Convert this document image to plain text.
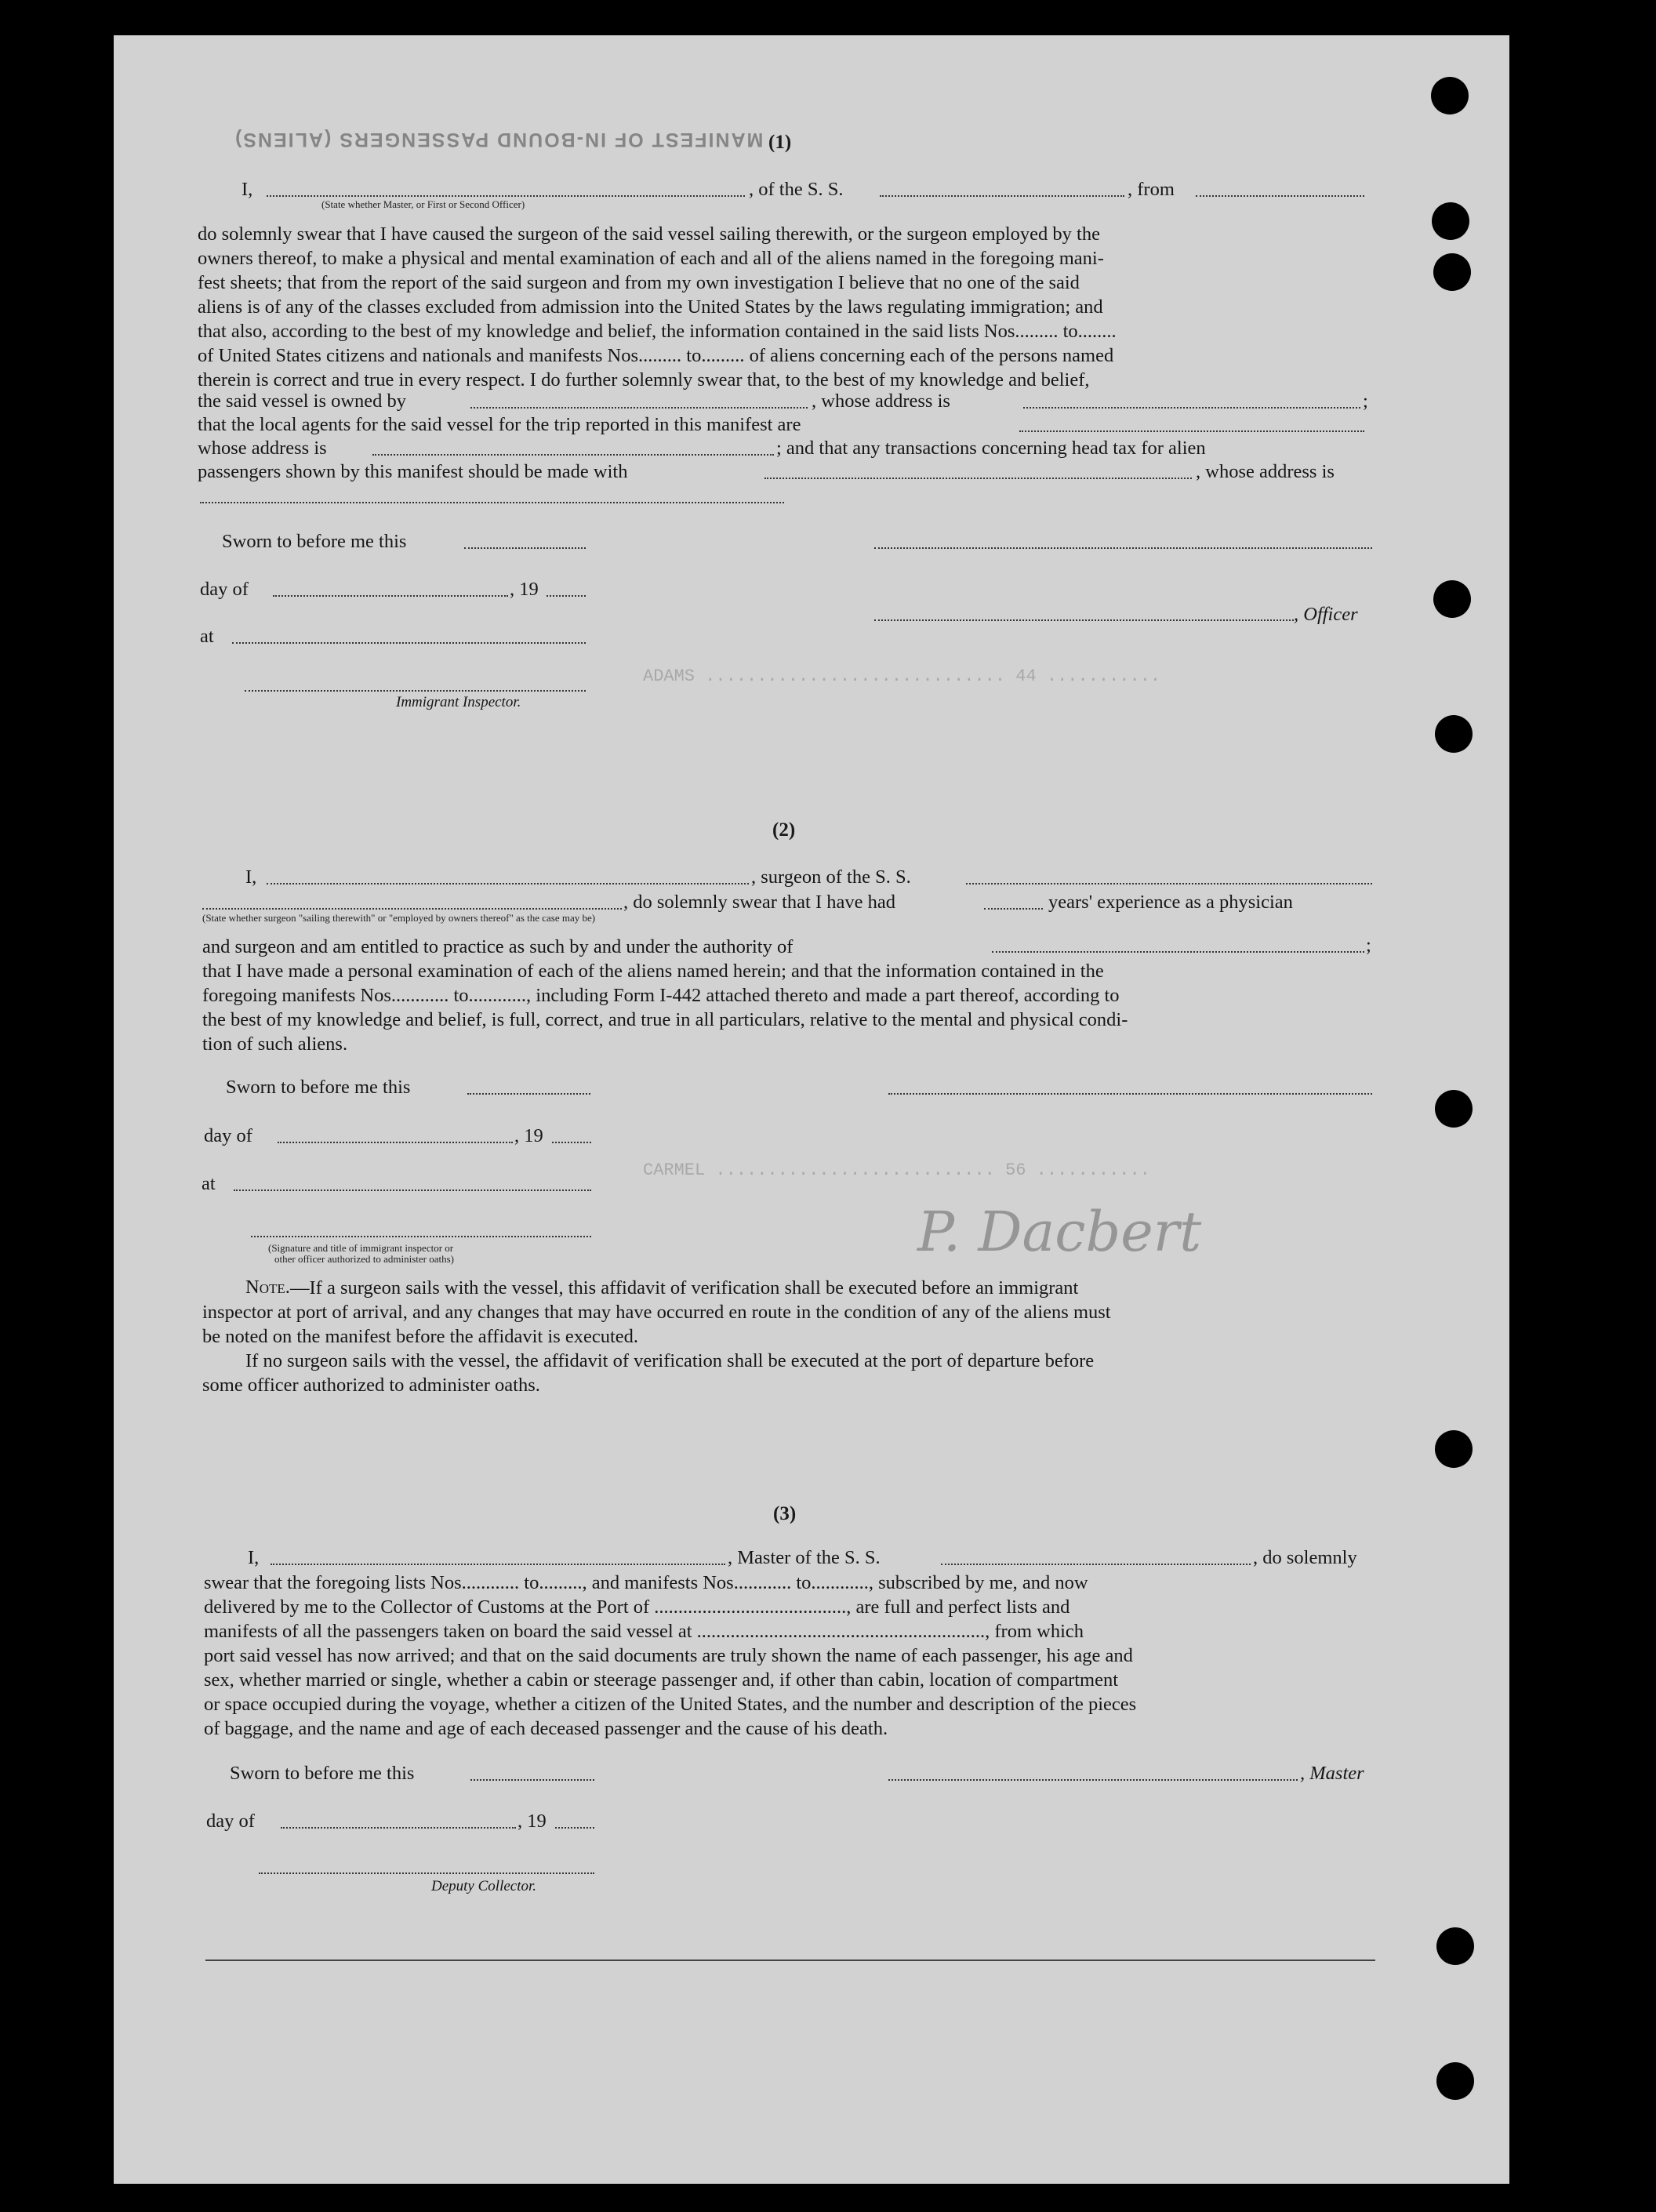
MANIFEST OF IN-BOUND PASSENGERS (ALIENS)
ADAMS ............................. 44 ...........
CARMEL ........................... 56 ...........
P. Dacbert
(1)
I,	, of the S. S.	, from
(State whether Master, or First or Second Officer)
do solemnly swear that I have caused the surgeon of the said vessel sailing therewith, or the surgeon employed by the
owners thereof, to make a physical and mental examination of each and all of the aliens named in the foregoing mani-
fest sheets; that from the report of the said surgeon and from my own investigation I believe that no one of the said
aliens is of any of the classes excluded from admission into the United States by the laws regulating immigration; and
that also, according to the best of my knowledge and belief, the information contained in the said lists Nos......... to........
of United States citizens and nationals and manifests Nos......... to......... of aliens concerning each of the persons named
therein is correct and true in every respect. I do further solemnly swear that, to the best of my knowledge and belief,
the said vessel is owned by	, whose address is	;
that the local agents for the said vessel for the trip reported in this manifest are
whose address is	; and that any transactions concerning head tax for alien
passengers shown by this manifest should be made with	, whose address is
Sworn to before me this
day of	, 19
, Officer
at
Immigrant Inspector.
(2)
I,	, surgeon of the S. S.
, do solemnly swear that I have had	years' experience as a physician
(State whether surgeon "sailing therewith" or "employed by owners thereof" as the case may be)
and surgeon and am entitled to practice as such by and under the authority of	;
that I have made a personal examination of each of the aliens named herein; and that the information contained in the
foregoing manifests Nos............ to............, including Form I-442 attached thereto and made a part thereof, according to
the best of my knowledge and belief, is full, correct, and true in all particulars, relative to the mental and physical condi-
tion of such aliens.
Sworn to before me this
day of	, 19
at
(Signature and title of immigrant inspector or
other officer authorized to administer oaths)
Note. —If a surgeon sails with the vessel, this affidavit of verification shall be executed before an immigrant
inspector at port of arrival, and any changes that may have occurred en route in the condition of any of the aliens must
be noted on the manifest before the affidavit is executed.
If no surgeon sails with the vessel, the affidavit of verification shall be executed at the port of departure before
some officer authorized to administer oaths.
(3)
I,	, Master of the S. S.	, do solemnly
swear that the foregoing lists Nos............ to........., and manifests Nos............ to............, subscribed by me, and now
delivered by me to the Collector of Customs at the Port of ........................................, are full and perfect lists and
manifests of all the passengers taken on board the said vessel at ............................................................, from which
port said vessel has now arrived; and that on the said documents are truly shown the name of each passenger, his age and
sex, whether married or single, whether a cabin or steerage passenger and, if other than cabin, location of compartment
or space occupied during the voyage, whether a citizen of the United States, and the number and description of the pieces
of baggage, and the name and age of each deceased passenger and the cause of his death.
Sworn to before me this	, Master
day of	, 19
Deputy Collector.
